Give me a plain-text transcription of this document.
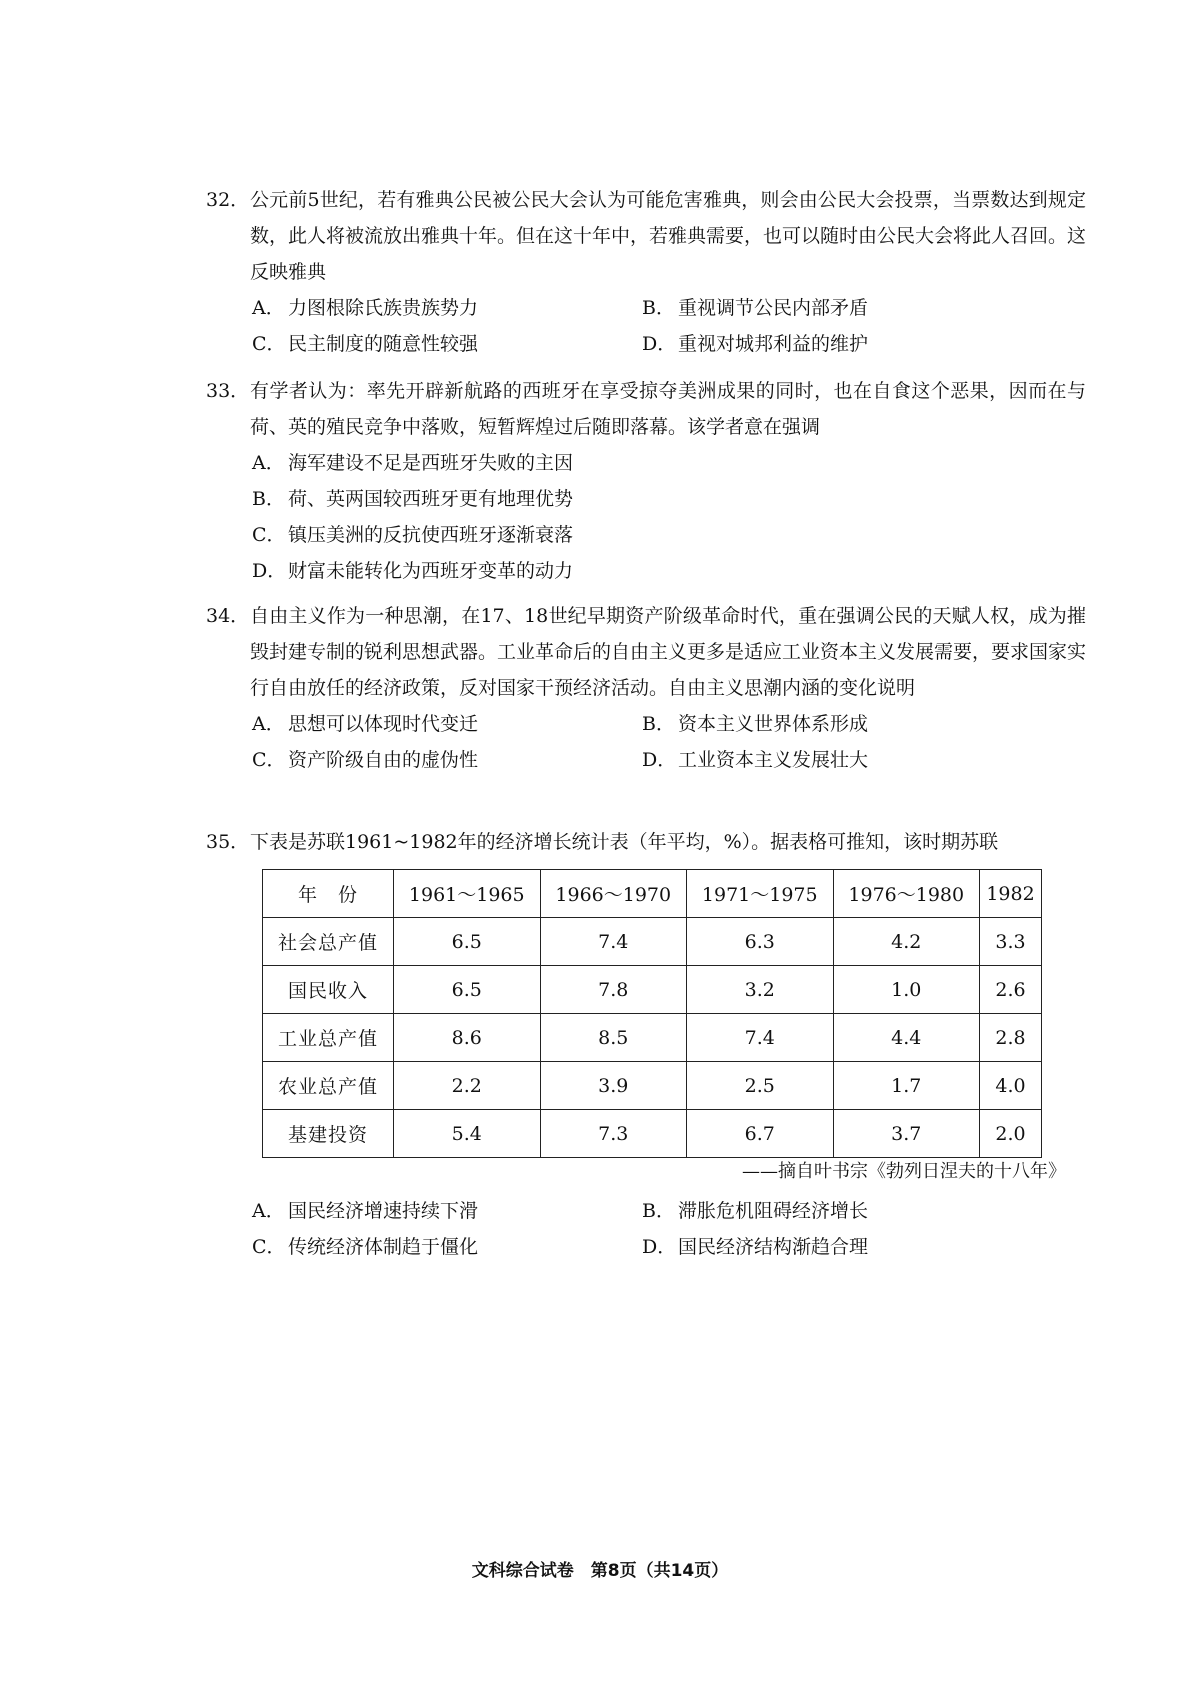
32． 公元前5世纪，若有雅典公民被公民大会认为可能危害雅典，则会由公民大会投票，当票数达到规定数，此人将被流放出雅典十年。但在这十年中，若雅典需要，也可以随时由公民大会将此人召回。这反映雅典
A． 力图根除氏族贵族势力	B． 重视调节公民内部矛盾
C． 民主制度的随意性较强	D．重视对城邦利益的维护
33． 有学者认为：率先开辟新航路的西班牙在享受掠夺美洲成果的同时，也在自食这个恶果，因而在与荷、英的殖民竞争中落败，短暂辉煌过后随即落幕。该学者意在强调
A． 海军建设不足是西班牙失败的主因
B． 荷、英两国较西班牙更有地理优势
C． 镇压美洲的反抗使西班牙逐渐衰落
D．财富未能转化为西班牙变革的动力
34． 自由主义作为一种思潮，在17、18世纪早期资产阶级革命时代，重在强调公民的天赋人权，成为摧毁封建专制的锐利思想武器。工业革命后的自由主义更多是适应工业资本主义发展需要，要求国家实行自由放任的经济政策，反对国家干预经济活动。自由主义思潮内涵的变化说明
A． 思想可以体现时代变迁	B． 资本主义世界体系形成
C． 资产阶级自由的虚伪性	D．工业资本主义发展壮大
35． 下表是苏联1961~1982年的经济增长统计表（年平均，%）。据表格可推知，该时期苏联
年　份	1961～1965	1966～1970	1971～1975	1976～1980	1982
社会总产值	6.5	7.4	6.3	4.2	3.3
国民收入	6.5	7.8	3.2	1.0	2.6
工业总产值	8.6	8.5	7.4	4.4	2.8
农业总产值	2.2	3.9	2.5	1.7	4.0
基建投资	5.4	7.3	6.7	3.7	2.0
——摘自叶书宗《勃列日涅夫的十八年》
A． 国民经济增速持续下滑	B． 滞胀危机阻碍经济增长
C． 传统经济体制趋于僵化	D．国民经济结构渐趋合理
文科综合试卷　第8页（共14页）
